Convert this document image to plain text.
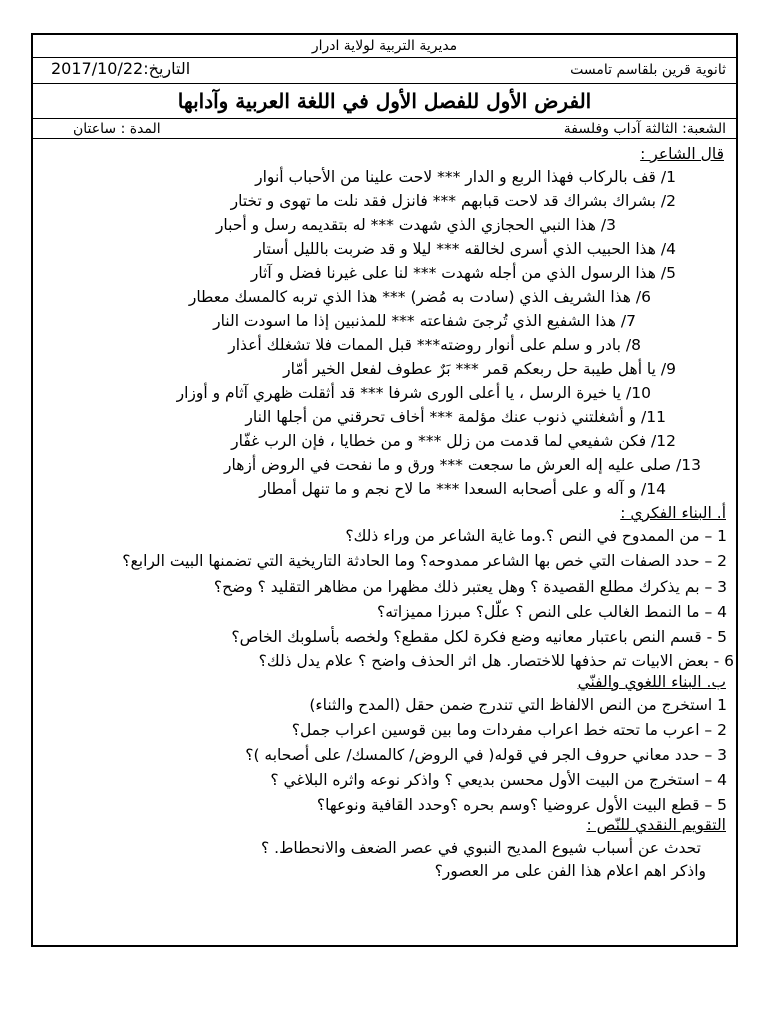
مديرية التربية لولاية ادرار
ثانوية قرين بلقاسم تامست
التاريخ:2017/10/22
الفرض الأول للفصل الأول في اللغة العربية وآدابها
الشعبة: الثالثة آداب وفلسفة
المدة : ساعتان
قال الشاعر :
1/ قف بالركاب فهذا الربع و الدار *** لاحت علينا من الأحباب أنوار
2/ بشراك بشراك قد لاحت قبابهم *** فانزل فقد نلت ما تهوى و تختار
3/ هذا النبي الحجازي الذي شهدت *** له بتقديمه رسل و أحبار
4/ هذا الحبيب الذي أسرى لخالقه *** ليلا و قد ضربت بالليل أستار
5/ هذا الرسول الذي من أجله شهدت *** لنا على غيرنا فضل و آثار
6/ هذا الشريف الذي (سادت به مُضر) *** هذا الذي تربه كالمسك معطار
7/ هذا الشفيع الذي تُرجىَ شفاعته *** للمذنبين إذا ما اسودت النار
8/ بادر و سلم على أنوار روضته*** قبل الممات فلا تشغلك أعذار
9/ يا أهل طيبة حل ربعكم قمر *** بَرٌ عطوف لفعل الخير أمّار
10/ يا خيرة الرسل ، يا أعلى الورى شرفا *** قد أثقلت ظهري آثام و أوزار
11/ و أشغلتني ذنوب عنك مؤلمة *** أخاف تحرقني من أجلها النار
12/ فكن شفيعي لما قدمت من زلل *** و من خطايا ، فإن الرب غفّار
13/ صلى عليه إله العرش ما سجعت *** ورق و ما نفحت في الروض أزهار
14/ و آله و على أصحابه السعدا *** ما لاح نجم و ما تنهل أمطار
أ. البناء الفكري :
1 – من الممدوح في النص ؟.وما غاية الشاعر من وراء ذلك؟
2 – حدد الصفات التي خص بها الشاعر ممدوحه؟ وما الحادثة التاريخية التي تضمنها البيت الرابع؟
3 – بم يذكرك مطلع القصيدة ؟ وهل يعتبر ذلك مظهرا من مظاهر التقليد ؟ وضح؟
4 – ما النمط الغالب على النص ؟ علّل؟ مبرزا مميزاته؟
5 - قسم النص باعتبار معانيه وضع فكرة لكل مقطع؟ ولخصه بأسلوبك الخاص؟
6 - بعض الابيات تم حذفها للاختصار. هل اثر الحذف واضح ؟ علام يدل ذلك؟
ب. البناء اللغوي والفنّي
1 استخرج من النص الالفاظ التي تندرج ضمن حقل (المدح والثناء)
2 – اعرب ما تحته خط اعراب مفردات وما بين قوسين اعراب جمل؟
3 – حدد معاني حروف الجر في قوله( في الروض/ كالمسك/ على أصحابه )؟
4 – استخرج من البيت الأول محسن بديعي ؟ واذكر نوعه واثره البلاغي ؟
5 – قطع البيت الأول عروضيا ؟وسم بحره ؟وحدد القافية ونوعها؟
التقويم النقدي للنّص :
تحدث عن أسباب شيوع المديح النبوي في عصر الضعف والانحطاط. ؟
واذكر اهم اعلام هذا الفن على مر العصور؟
